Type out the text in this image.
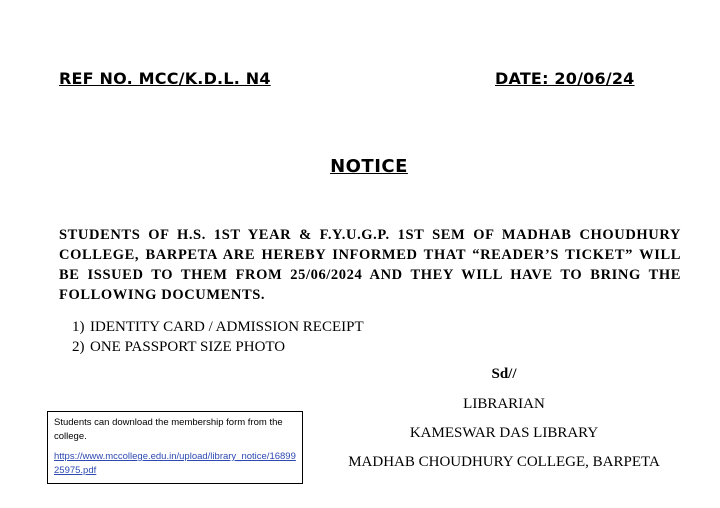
REF NO. MCC/K.D.L. N4	DATE: 20/06/24
NOTICE
STUDENTS OF H.S. 1ST YEAR & F.Y.U.G.P. 1ST SEM OF MADHAB CHOUDHURY COLLEGE, BARPETA ARE HEREBY INFORMED THAT “READER’S TICKET” WILL BE ISSUED TO THEM FROM 25/06/2024 AND THEY WILL HAVE TO BRING THE FOLLOWING DOCUMENTS.
1) IDENTITY CARD / ADMISSION RECEIPT
2) ONE PASSPORT SIZE PHOTO
Sd//
LIBRARIAN
KAMESWAR DAS LIBRARY
MADHAB CHOUDHURY COLLEGE, BARPETA
Students can download the membership form from the college.
https://www.mccollege.edu.in/upload/library_notice/1689925975.pdf
